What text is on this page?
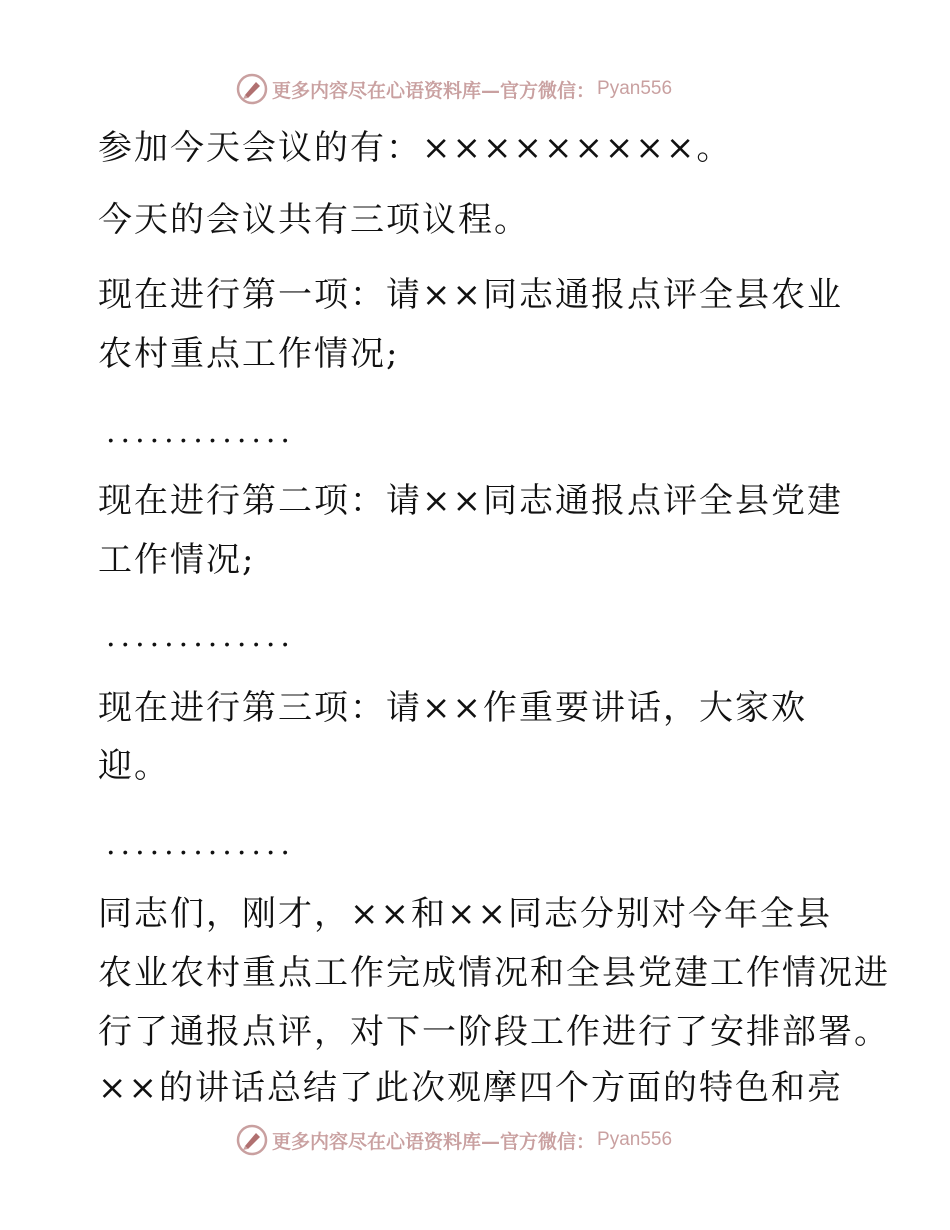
更多内容尽在心语资料库—官方微信： Pyan556
参加今天会议的有：×××××××××。
今天的会议共有三项议程。
现在进行第一项：请××同志通报点评全县农业
农村重点工作情况;
.............
现在进行第二项：请××同志通报点评全县党建
工作情况;
.............
现在进行第三项：请××作重要讲话，大家欢
迎。
.............
同志们，刚才，××和××同志分别对今年全县
农业农村重点工作完成情况和全县党建工作情况进
行了通报点评，对下一阶段工作进行了安排部署。
××的讲话总结了此次观摩四个方面的特色和亮
更多内容尽在心语资料库—官方微信： Pyan556
